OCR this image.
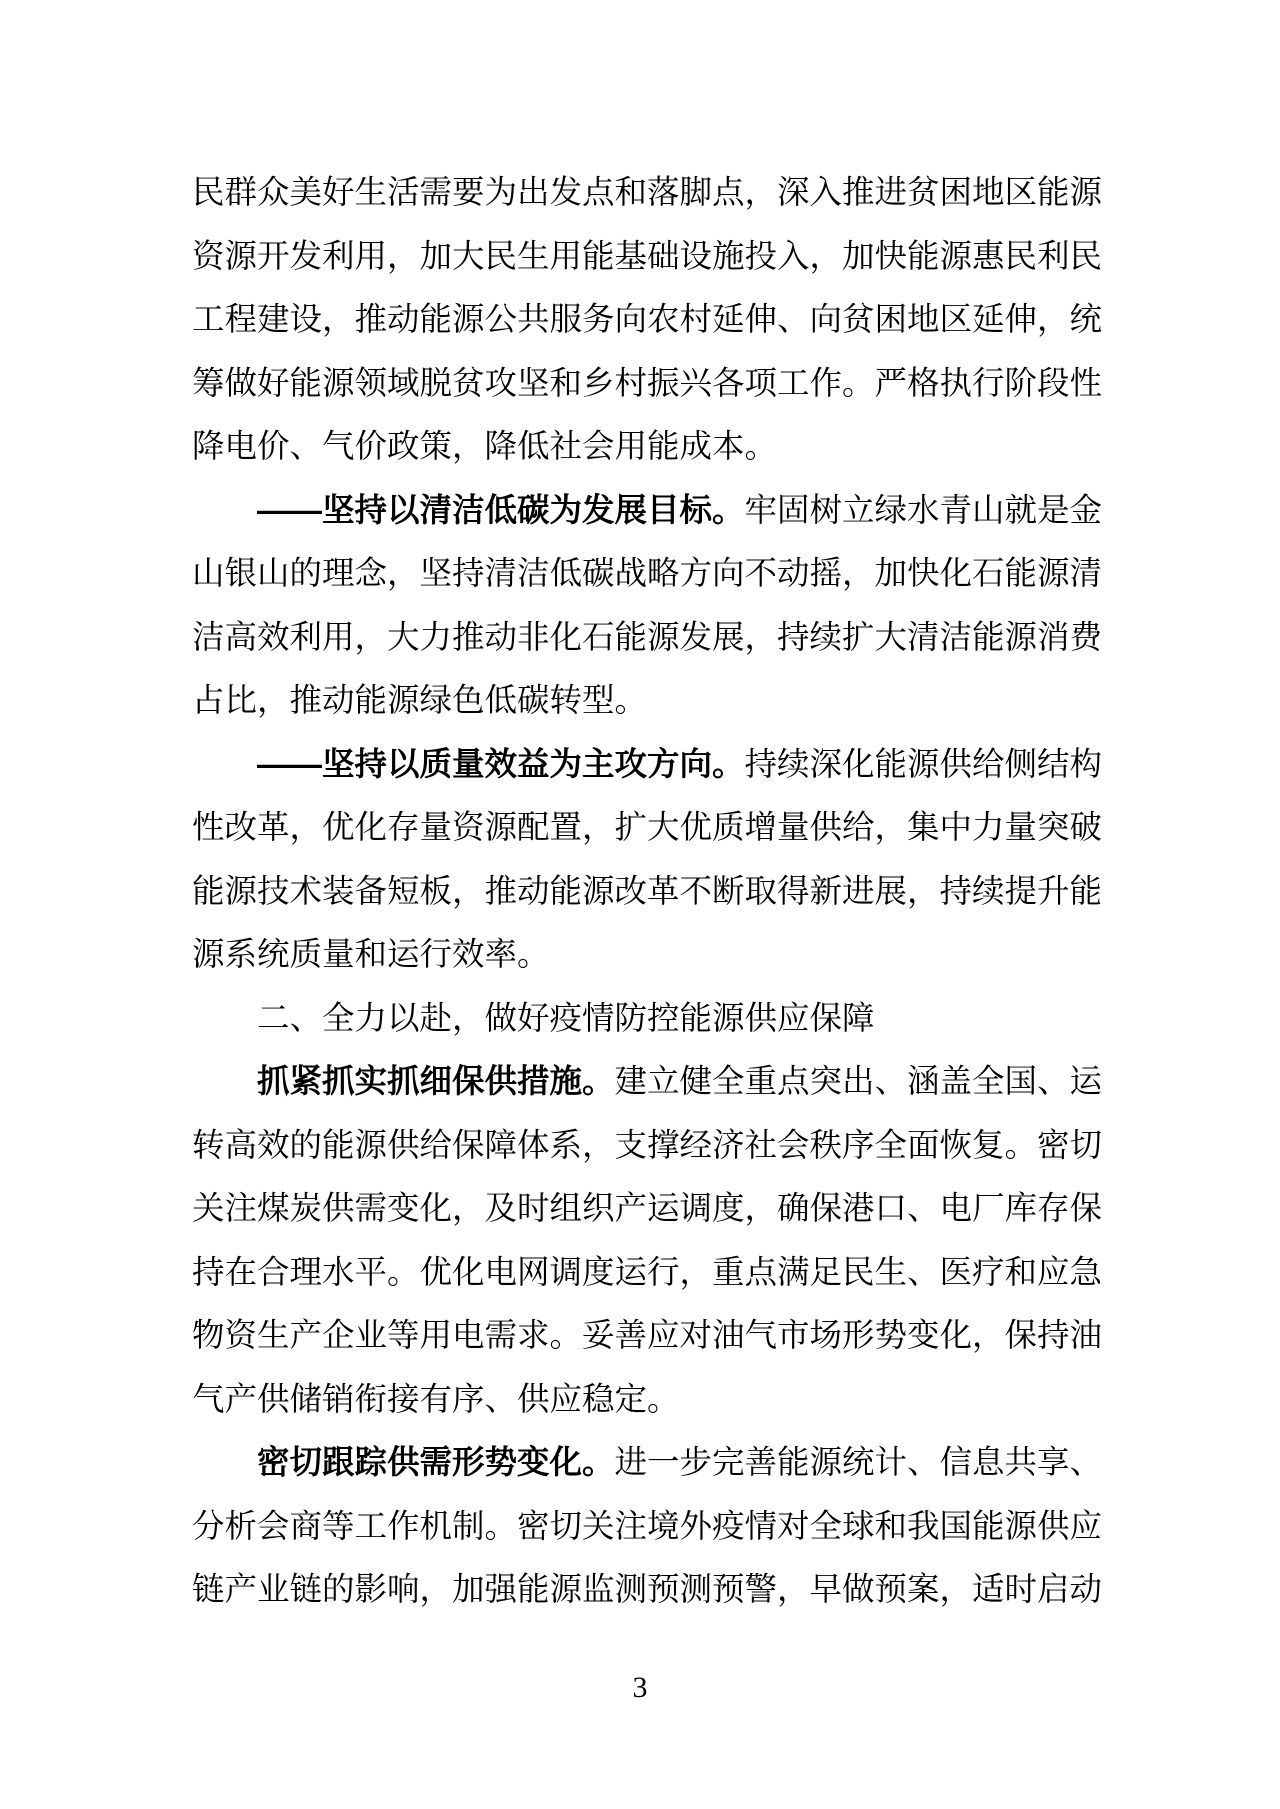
民群众美好生活需要为出发点和落脚点，深入推进贫困地区能源
资源开发利用，加大民生用能基础设施投入，加快能源惠民利民
工程建设，推动能源公共服务向农村延伸、向贫困地区延伸，统
筹做好能源领域脱贫攻坚和乡村振兴各项工作。严格执行阶段性
降电价、气价政策，降低社会用能成本。
——坚持以清洁低碳为发展目标。牢固树立绿水青山就是金
山银山的理念，坚持清洁低碳战略方向不动摇，加快化石能源清
洁高效利用，大力推动非化石能源发展，持续扩大清洁能源消费
占比，推动能源绿色低碳转型。
——坚持以质量效益为主攻方向。持续深化能源供给侧结构
性改革，优化存量资源配置，扩大优质增量供给，集中力量突破
能源技术装备短板，推动能源改革不断取得新进展，持续提升能
源系统质量和运行效率。
二、全力以赴，做好疫情防控能源供应保障
抓紧抓实抓细保供措施。建立健全重点突出、涵盖全国、运
转高效的能源供给保障体系，支撑经济社会秩序全面恢复。密切
关注煤炭供需变化，及时组织产运调度，确保港口、电厂库存保
持在合理水平。优化电网调度运行，重点满足民生、医疗和应急
物资生产企业等用电需求。妥善应对油气市场形势变化，保持油
气产供储销衔接有序、供应稳定。
密切跟踪供需形势变化。进一步完善能源统计、信息共享、
分析会商等工作机制。密切关注境外疫情对全球和我国能源供应
链产业链的影响，加强能源监测预测预警，早做预案，适时启动
3
